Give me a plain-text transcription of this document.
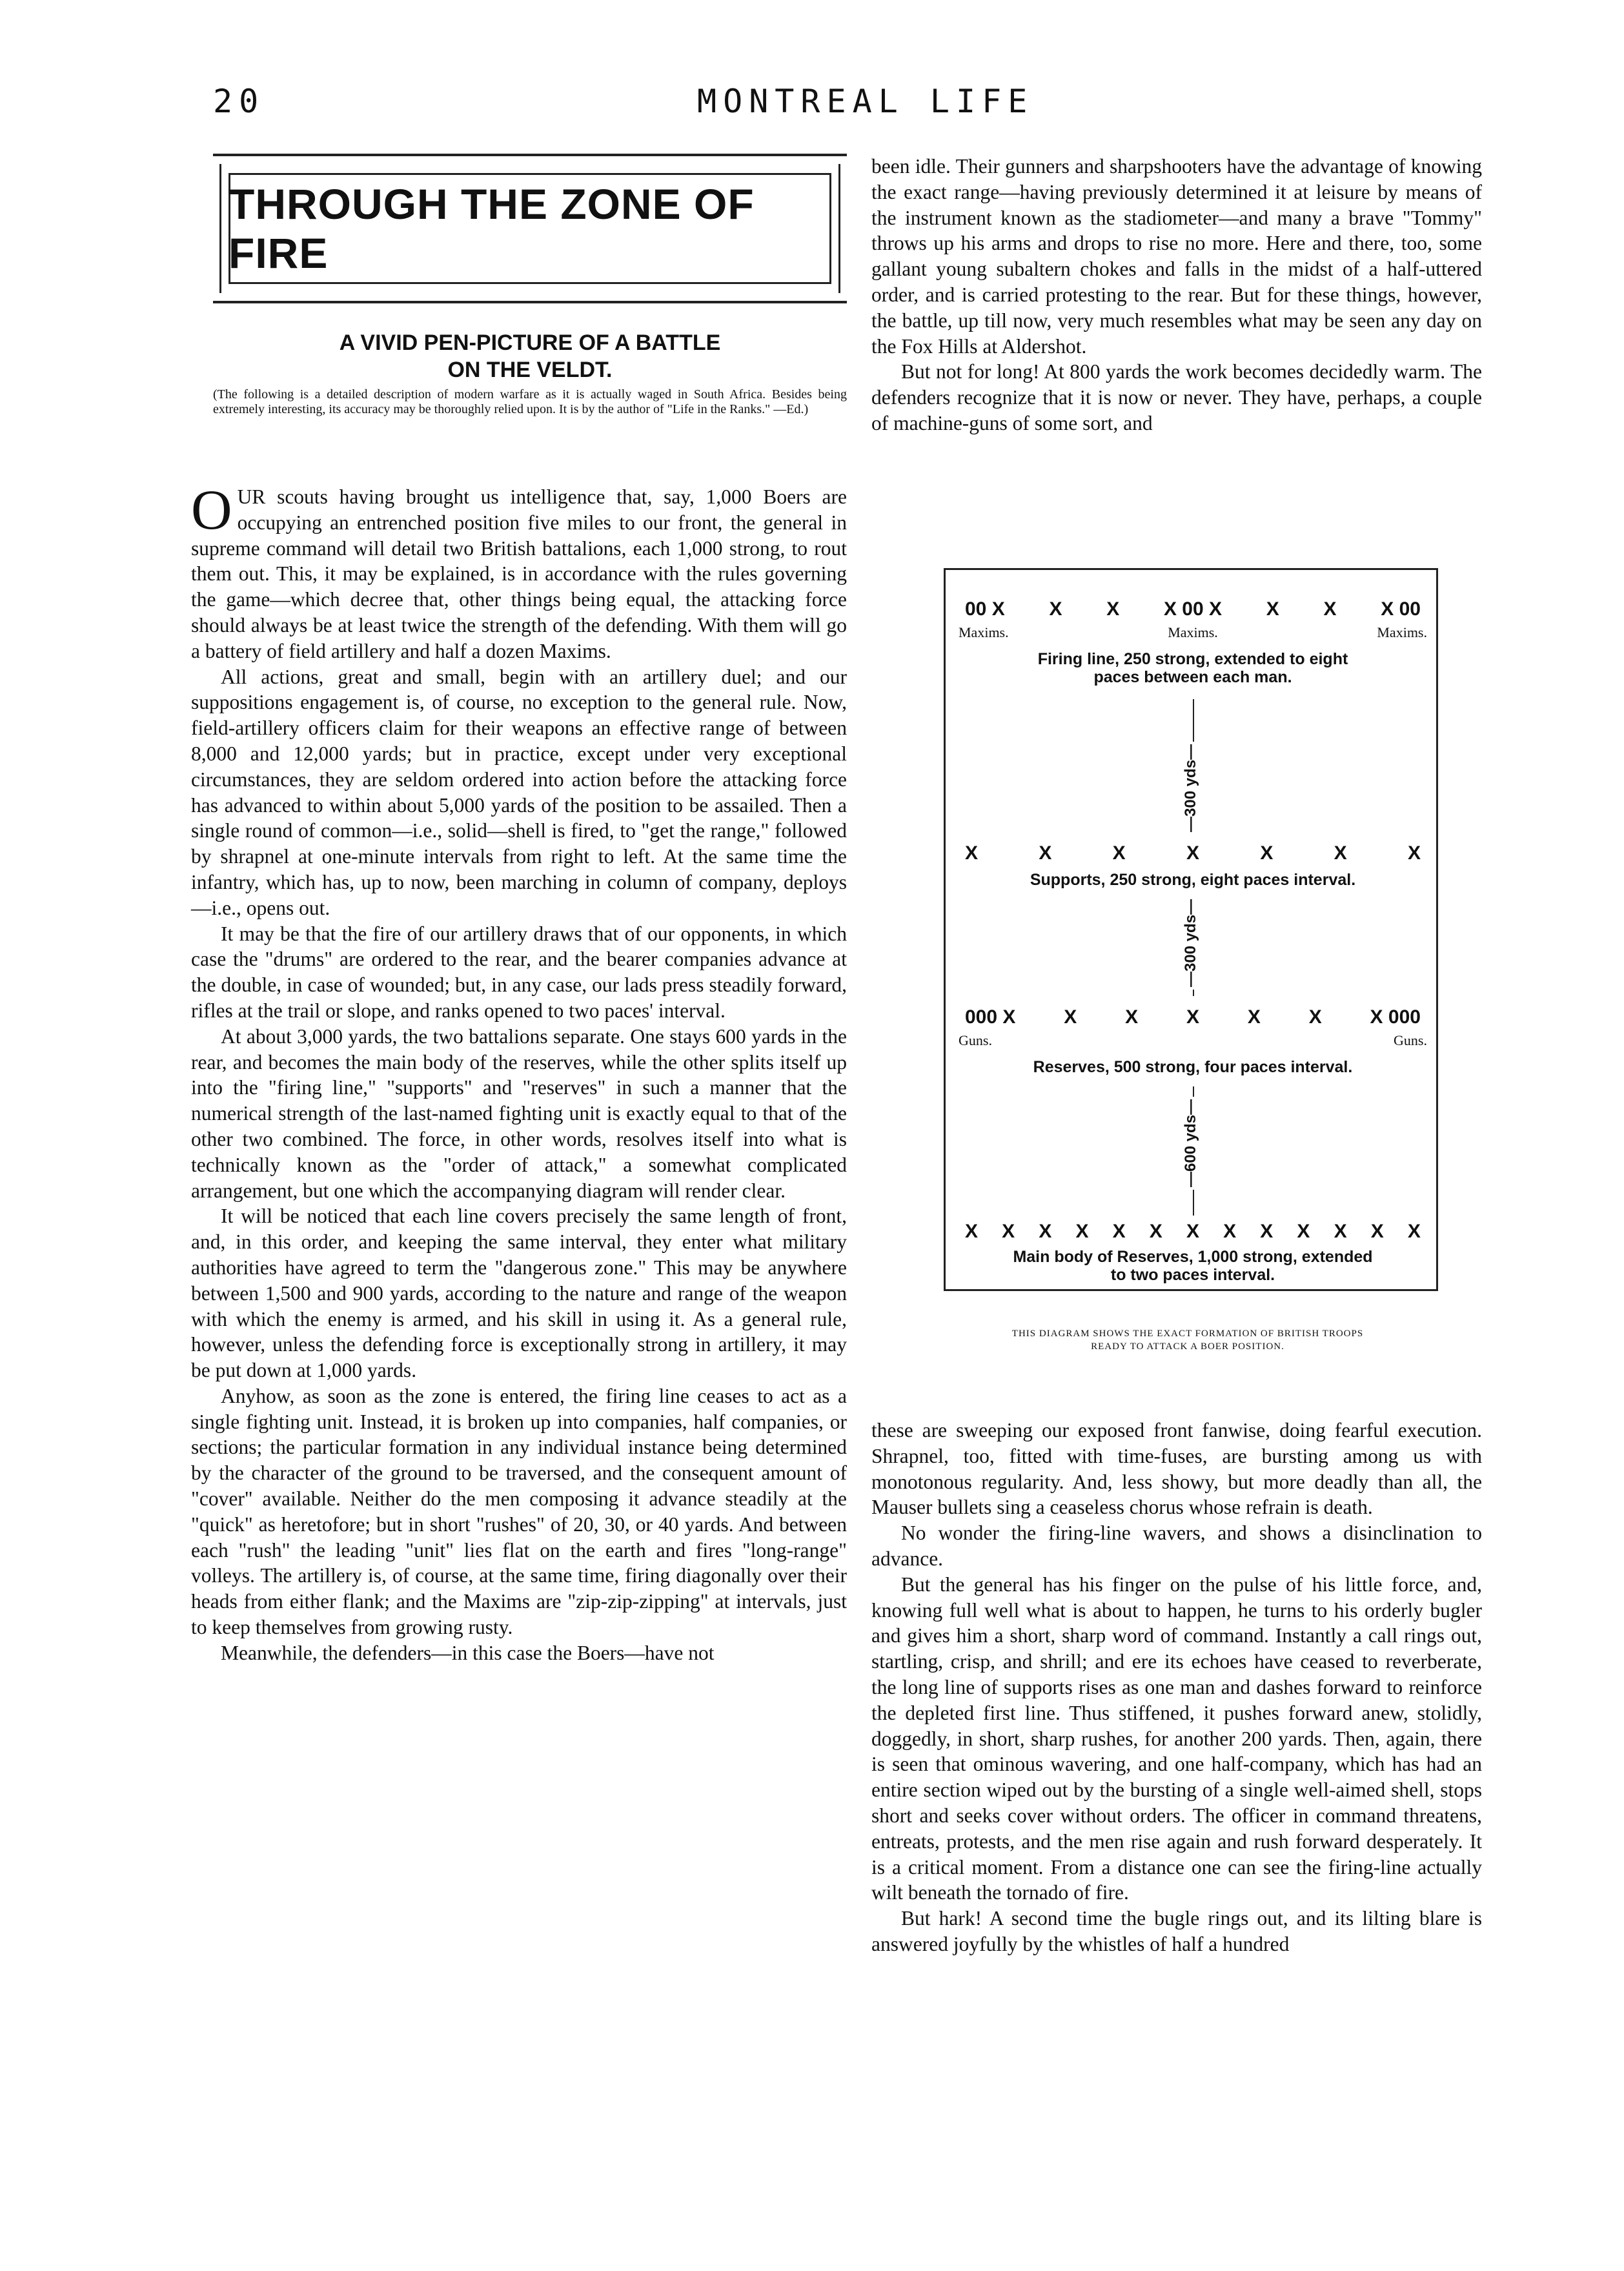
20	MONTREAL LIFE
THROUGH THE ZONE OF FIRE
A VIVID PEN-PICTURE OF A BATTLE
ON THE VELDT.
(The following is a detailed description of modern warfare as it is actually waged in South Africa. Besides being extremely interesting, its accuracy may be thoroughly relied upon. It is by the author of "Life in the Ranks." —Ed.)

OUR scouts having brought us intelligence that, say, 1,000 Boers are occupying an entrenched position five miles to our front, the general in supreme command will detail two British battalions, each 1,000 strong, to rout them out. This, it may be explained, is in accordance with the rules governing the game—which decree that, other things being equal, the attacking force should always be at least twice the strength of the defending. With them will go a battery of field artillery and half a dozen Maxims.

All actions, great and small, begin with an artillery duel; and our suppositions engagement is, of course, no exception to the general rule. Now, field-artillery officers claim for their weapons an effective range of between 8,000 and 12,000 yards; but in practice, except under very exceptional circumstances, they are seldom ordered into action before the attacking force has advanced to within about 5,000 yards of the position to be assailed. Then a single round of common—i.e., solid—shell is fired, to "get the range," followed by shrapnel at one-minute intervals from right to left. At the same time the infantry, which has, up to now, been marching in column of company, deploys—i.e., opens out.

It may be that the fire of our artillery draws that of our opponents, in which case the "drums" are ordered to the rear, and the bearer companies advance at the double, in case of wounded; but, in any case, our lads press steadily forward, rifles at the trail or slope, and ranks opened to two paces' interval.

At about 3,000 yards, the two battalions separate. One stays 600 yards in the rear, and becomes the main body of the reserves, while the other splits itself up into the "firing line," "supports" and "reserves" in such a manner that the numerical strength of the last-named fighting unit is exactly equal to that of the other two combined. The force, in other words, resolves itself into what is technically known as the "order of attack," a somewhat complicated arrangement, but one which the accompanying diagram will render clear.

It will be noticed that each line covers precisely the same length of front, and, in this order, and keeping the same interval, they enter what military authorities have agreed to term the "dangerous zone." This may be anywhere between 1,500 and 900 yards, according to the nature and range of the weapon with which the enemy is armed, and his skill in using it. As a general rule, however, unless the defending force is exceptionally strong in artillery, it may be put down at 1,000 yards.

Anyhow, as soon as the zone is entered, the firing line ceases to act as a single fighting unit. Instead, it is broken up into companies, half companies, or sections; the particular formation in any individual instance being determined by the character of the ground to be traversed, and the consequent amount of "cover" available. Neither do the men composing it advance steadily at the "quick" as heretofore; but in short "rushes" of 20, 30, or 40 yards. And between each "rush" the leading "unit" lies flat on the earth and fires "long-range" volleys. The artillery is, of course, at the same time, firing diagonally over their heads from either flank; and the Maxims are "zip-zip-zipping" at intervals, just to keep themselves from growing rusty.

Meanwhile, the defenders—in this case the Boers—have not

been idle. Their gunners and sharpshooters have the advantage of knowing the exact range—having previously determined it at leisure by means of the instrument known as the stadiometer—and many a brave "Tommy" throws up his arms and drops to rise no more. Here and there, too, some gallant young subaltern chokes and falls in the midst of a half-uttered order, and is carried protesting to the rear. But for these things, however, the battle, up till now, very much resembles what may be seen any day on the Fox Hills at Aldershot.

But not for long! At 800 yards the work becomes decidedly warm. The defenders recognize that it is now or never. They have, perhaps, a couple of machine-guns of some sort, and

00 X X X X 00 X X X X 00
Maxims.	Maxims.	Maxims.
Firing line, 250 strong, extended to eight paces between each man.
—300 yds—
X	X	X	X	X	X	X
Supports, 250 strong, eight paces interval.
—300 yds—
000 X X X X X X X 000
Guns.	Guns.
Reserves, 500 strong, four paces interval.
—600 yds—
X X X X X X X X X X X X X
Main body of Reserves, 1,000 strong, extended
to two paces interval.
THIS DIAGRAM SHOWS THE EXACT FORMATION OF BRITISH TROOPS
READY TO ATTACK A BOER POSITION.

these are sweeping our exposed front fanwise, doing fearful execution. Shrapnel, too, fitted with time-fuses, are bursting among us with monotonous regularity. And, less showy, but more deadly than all, the Mauser bullets sing a ceaseless chorus whose refrain is death.

No wonder the firing-line wavers, and shows a disinclination to advance.

But the general has his finger on the pulse of his little force, and, knowing full well what is about to happen, he turns to his orderly bugler and gives him a short, sharp word of command. Instantly a call rings out, startling, crisp, and shrill; and ere its echoes have ceased to reverberate, the long line of supports rises as one man and dashes forward to reinforce the depleted first line. Thus stiffened, it pushes forward anew, stolidly, doggedly, in short, sharp rushes, for another 200 yards. Then, again, there is seen that ominous wavering, and one half-company, which has had an entire section wiped out by the bursting of a single well-aimed shell, stops short and seeks cover without orders. The officer in command threatens, entreats, protests, and the men rise again and rush forward desperately. It is a critical moment. From a distance one can see the firing-line actually wilt beneath the tornado of fire.

But hark! A second time the bugle rings out, and its lilting blare is answered joyfully by the whistles of half a hundred
